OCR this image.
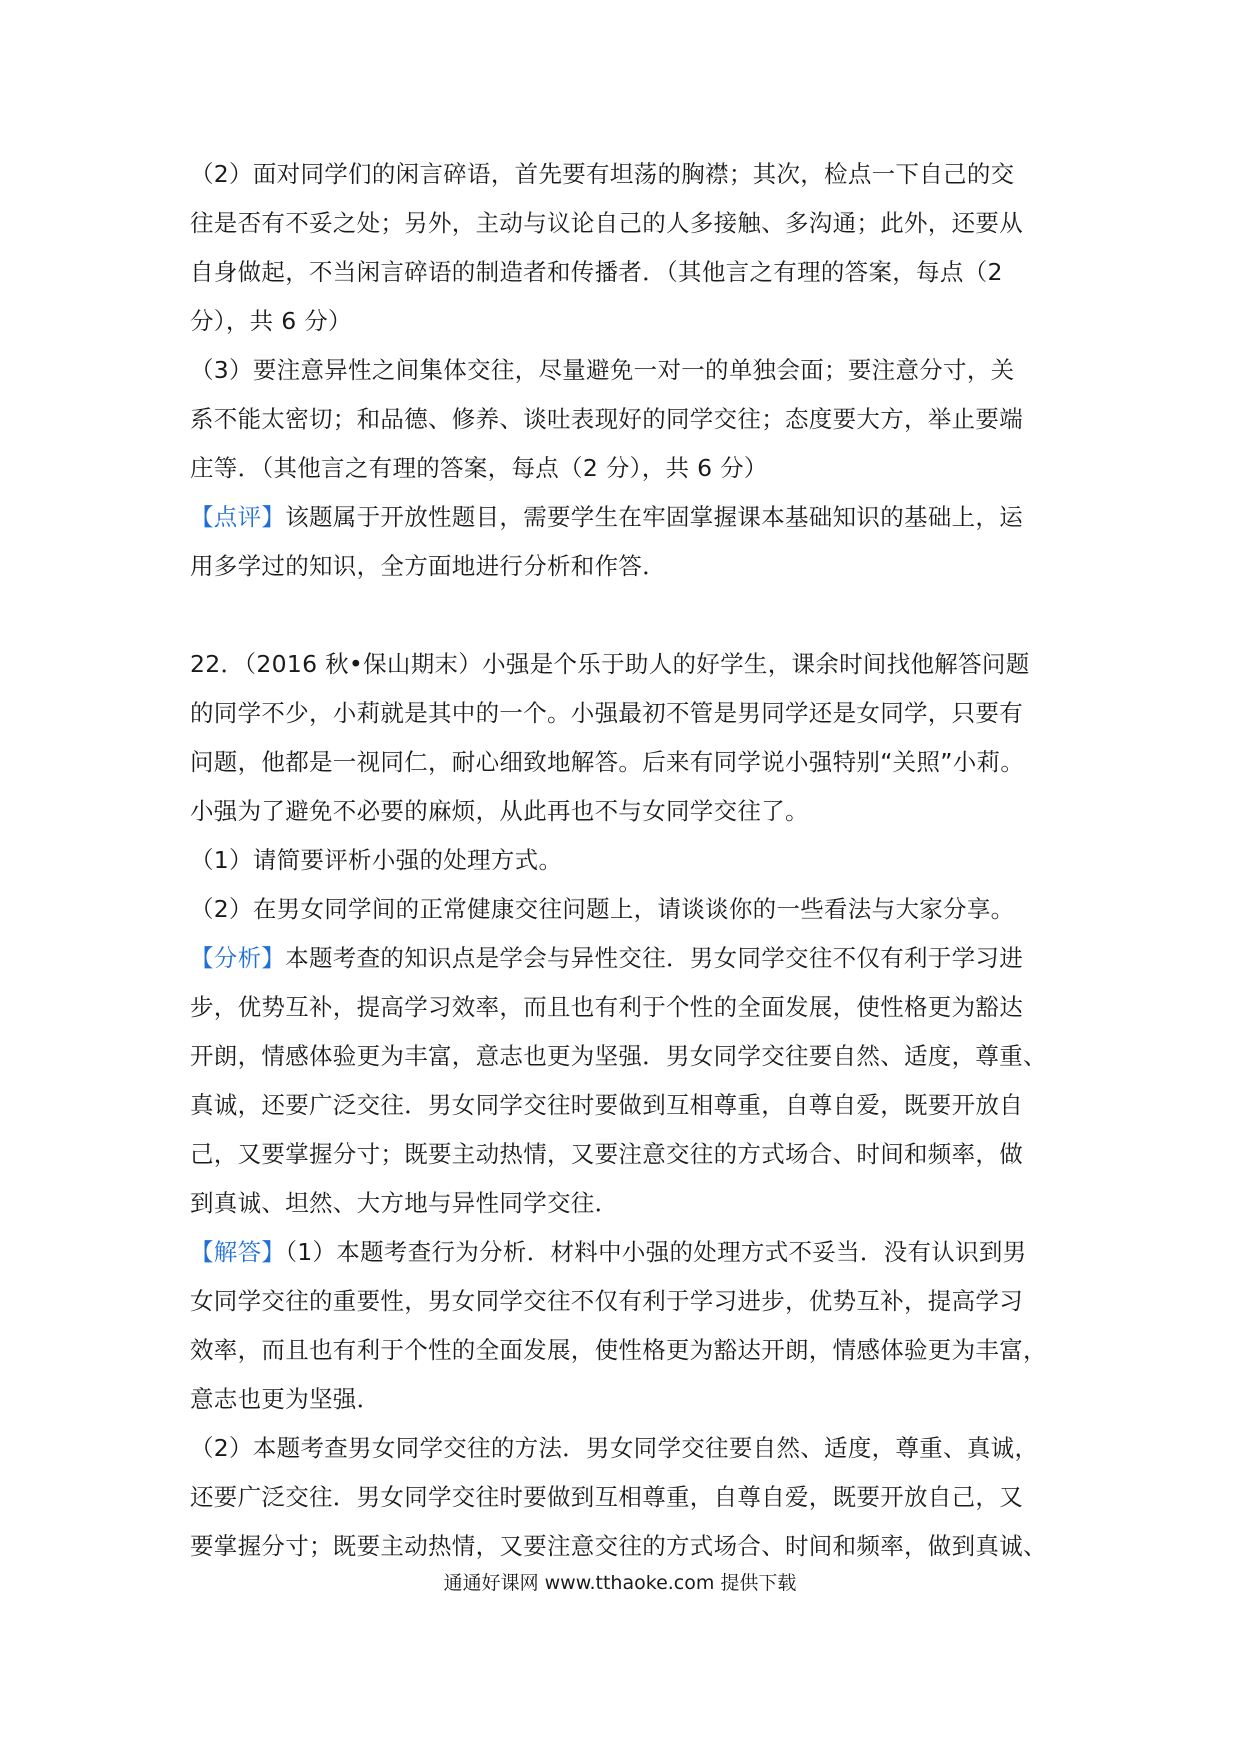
（2）面对同学们的闲言碎语，首先要有坦荡的胸襟；其次，检点一下自己的交
往是否有不妥之处；另外，主动与议论自己的人多接触、多沟通；此外，还要从
自身做起，不当闲言碎语的制造者和传播者．（其他言之有理的答案，每点（2
分），共 6 分）
（3）要注意异性之间集体交往，尽量避免一对一的单独会面；要注意分寸，关
系不能太密切；和品德、修养、谈吐表现好的同学交往；态度要大方，举止要端
庄等．（其他言之有理的答案，每点（2 分），共 6 分）
【点评】该题属于开放性题目，需要学生在牢固掌握课本基础知识的基础上，运
用多学过的知识，全方面地进行分析和作答．
22．（2016 秋•保山期末）小强是个乐于助人的好学生，课余时间找他解答问题
的同学不少，小莉就是其中的一个。小强最初不管是男同学还是女同学，只要有
问题，他都是一视同仁，耐心细致地解答。后来有同学说小强特别“关照”小莉。
小强为了避免不必要的麻烦，从此再也不与女同学交往了。
（1）请简要评析小强的处理方式。
（2）在男女同学间的正常健康交往问题上，请谈谈你的一些看法与大家分享。
【分析】本题考查的知识点是学会与异性交往．男女同学交往不仅有利于学习进
步，优势互补，提高学习效率，而且也有利于个性的全面发展，使性格更为豁达
开朗，情感体验更为丰富，意志也更为坚强．男女同学交往要自然、适度，尊重、
真诚，还要广泛交往．男女同学交往时要做到互相尊重，自尊自爱，既要开放自
己，又要掌握分寸；既要主动热情，又要注意交往的方式场合、时间和频率，做
到真诚、坦然、大方地与异性同学交往．
【解答】（1）本题考查行为分析．材料中小强的处理方式不妥当．没有认识到男
女同学交往的重要性，男女同学交往不仅有利于学习进步，优势互补，提高学习
效率，而且也有利于个性的全面发展，使性格更为豁达开朗，情感体验更为丰富，
意志也更为坚强．
（2）本题考查男女同学交往的方法．男女同学交往要自然、适度，尊重、真诚，
还要广泛交往．男女同学交往时要做到互相尊重，自尊自爱，既要开放自己，又
要掌握分寸；既要主动热情，又要注意交往的方式场合、时间和频率，做到真诚、
通通好课网 www.tthaoke.com 提供下载
